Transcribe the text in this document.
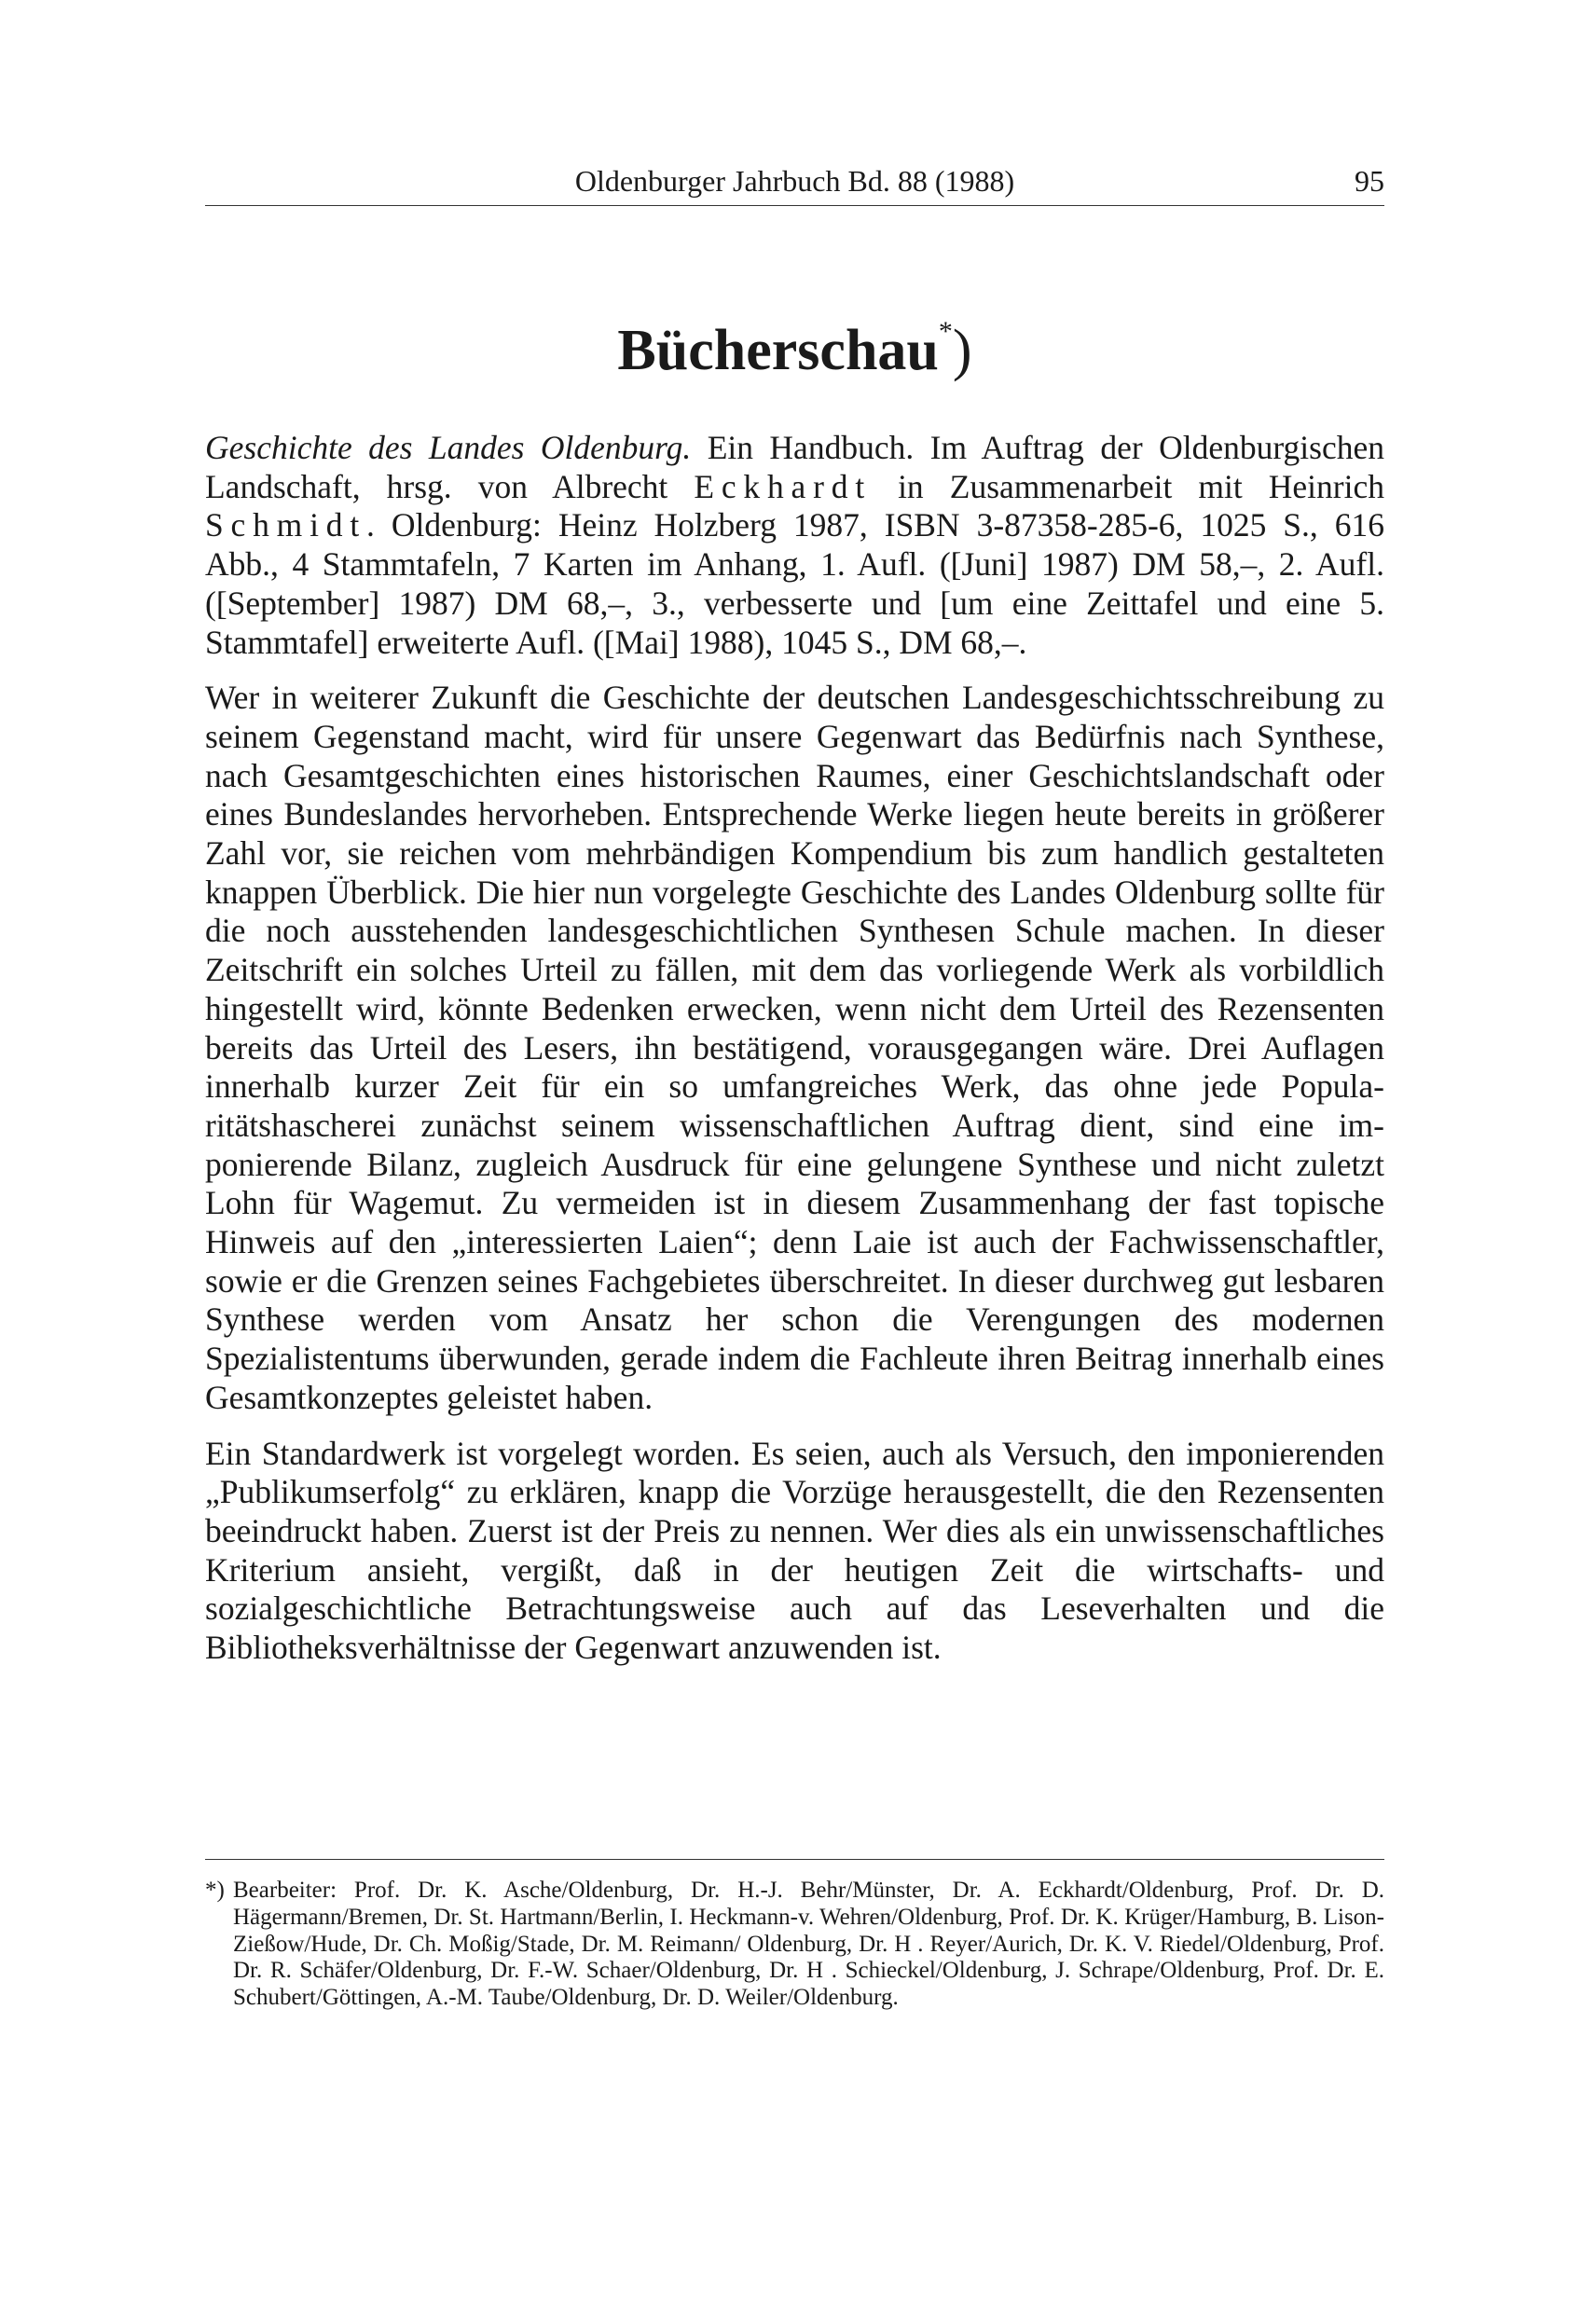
Oldenburger Jahrbuch Bd. 88 (1988)	95
Bücherschau*)

Geschichte des Landes Oldenburg. Ein Handbuch. Im Auftrag der Oldenburgischen Landschaft, hrsg. von Albrecht Eckhardt in Zusammenarbeit mit Heinrich Schmidt. Oldenburg: Heinz Holzberg 1987, ISBN 3-87358-285-6, 1025 S., 616 Abb., 4 Stammtafeln, 7 Karten im Anhang, 1. Aufl. ([Juni] 1987) DM 58,–, 2. Aufl. ([September] 1987) DM 68,–, 3., verbesserte und [um eine Zeittafel und eine 5. Stammtafel] erweiterte Aufl. ([Mai] 1988), 1045 S., DM 68,–.

Wer in weiterer Zukunft die Geschichte der deutschen Landesgeschichtsschreibung zu seinem Gegenstand macht, wird für unsere Gegenwart das Bedürfnis nach Synthese, nach Gesamtgeschichten eines historischen Raumes, einer Geschichtslandschaft oder eines Bundeslandes hervorheben. Entsprechende Werke liegen heute bereits in größerer Zahl vor, sie reichen vom mehrbändigen Kompendium bis zum handlich gestalteten knappen Überblick. Die hier nun vorgelegte Geschichte des Landes Oldenburg sollte für die noch ausstehenden landesgeschichtlichen Synthesen Schule machen. In dieser Zeitschrift ein solches Urteil zu fällen, mit dem das vorliegende Werk als vorbildlich hingestellt wird, könnte Bedenken erwecken, wenn nicht dem Urteil des Rezensenten bereits das Urteil des Lesers, ihn bestätigend, vorausgegangen wäre. Drei Auflagen innerhalb kurzer Zeit für ein so umfangreiches Werk, das ohne jede Popularitätshascherei zunächst seinem wissenschaftlichen Auftrag dient, sind eine imponierende Bilanz, zugleich Ausdruck für eine gelungene Synthese und nicht zuletzt Lohn für Wagemut. Zu vermeiden ist in diesem Zusammenhang der fast topische Hinweis auf den „interessierten Laien“; denn Laie ist auch der Fachwissenschaftler, sowie er die Grenzen seines Fachgebietes überschreitet. In dieser durchweg gut lesbaren Synthese werden vom Ansatz her schon die Verengungen des modernen Spezialistentums überwunden, gerade indem die Fachleute ihren Beitrag innerhalb eines Gesamtkonzeptes geleistet haben.

Ein Standardwerk ist vorgelegt worden. Es seien, auch als Versuch, den imponierenden „Publikumserfolg“ zu erklären, knapp die Vorzüge herausgestellt, die den Rezensenten beeindruckt haben. Zuerst ist der Preis zu nennen. Wer dies als ein unwissenschaftliches Kriterium ansieht, vergißt, daß in der heutigen Zeit die wirtschafts- und sozialgeschichtliche Betrachtungsweise auch auf das Leseverhalten und die Bibliotheksverhältnisse der Gegenwart anzuwenden ist.

*) Bearbeiter: Prof. Dr. K. Asche/Oldenburg, Dr. H.-J. Behr/Münster, Dr. A. Eckhardt/Oldenburg, Prof. Dr. D. Hägermann/Bremen, Dr. St. Hartmann/Berlin, I. Heckmann-v. Wehren/Oldenburg, Prof. Dr. K. Krüger/Hamburg, B. Lison-Zießow/Hude, Dr. Ch. Moßig/Stade, Dr. M. Reimann/ Oldenburg, Dr. H . Reyer/Aurich, Dr. K. V. Riedel/Oldenburg, Prof. Dr. R. Schäfer/Oldenburg, Dr. F.-W. Schaer/Oldenburg, Dr. H . Schieckel/Oldenburg, J. Schrape/Oldenburg, Prof. Dr. E. Schubert/Göttingen, A.-M. Taube/Oldenburg, Dr. D. Weiler/Oldenburg.
